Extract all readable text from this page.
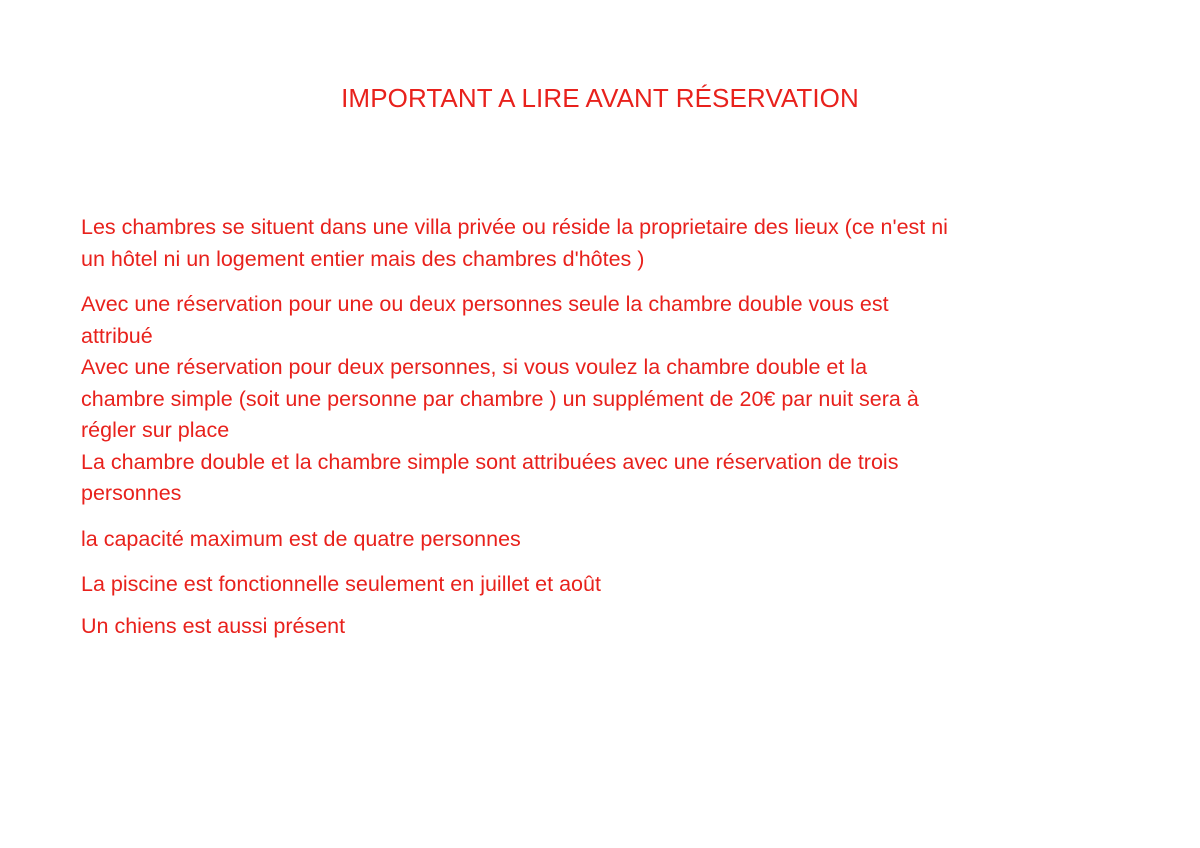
IMPORTANT A LIRE AVANT RÉSERVATION

Les chambres se situent dans une villa privée ou réside la proprietaire des lieux (ce n'est ni
un hôtel ni un logement entier mais des chambres d'hôtes )

Avec une réservation pour une ou deux personnes seule la chambre double vous est
attribué
Avec une réservation pour deux personnes, si vous voulez la chambre double et la
chambre simple (soit une personne par chambre ) un supplément de 20€ par nuit sera à
régler sur place
La chambre double et la chambre simple sont attribuées avec une réservation de trois
personnes

la capacité maximum est de quatre personnes

La piscine est fonctionnelle seulement en juillet et août

Un chiens est aussi présent
